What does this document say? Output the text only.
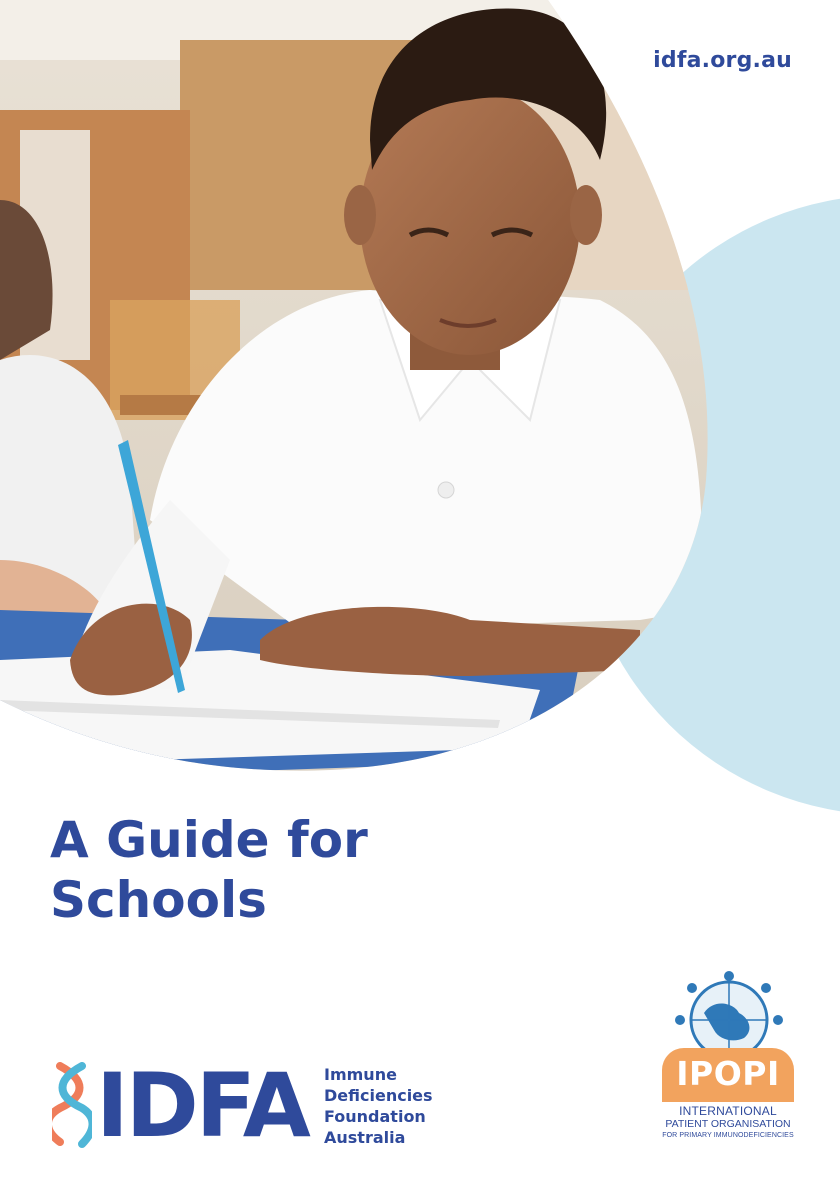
idfa.org.au
A Guide for
Schools
IDFA Immune
Deficiencies
Foundation
Australia
IPOPI
INTERNATIONAL
PATIENT ORGANISATION
FOR PRIMARY IMMUNODEFICIENCIES
